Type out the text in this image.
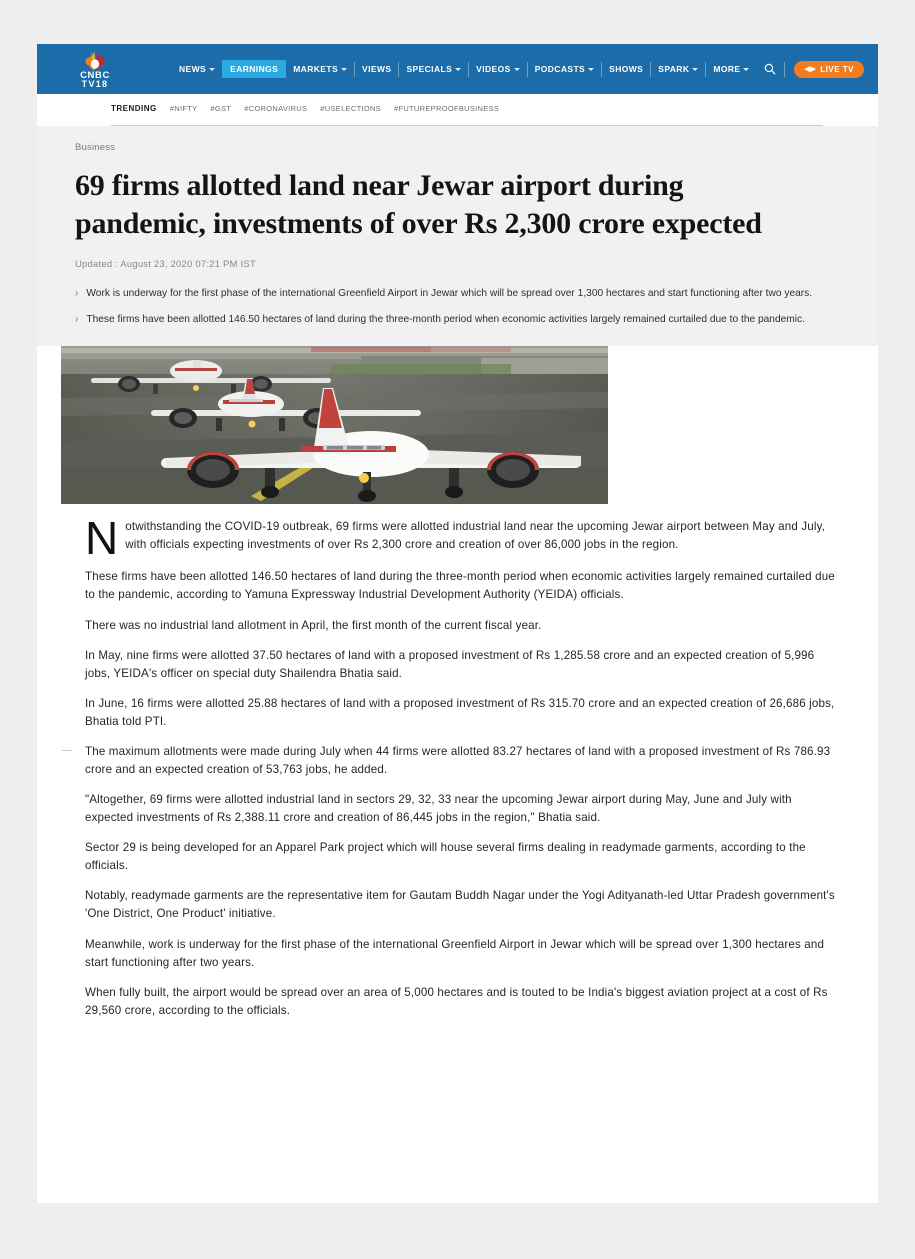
CNBC
TV18
NEWS	EARNINGS MARKETS	VIEWS SPECIALS	VIDEOS	PODCASTS	SHOWS SPARK	MORE	◀▶ LIVE TV
TRENDING #NIFTY #GST #CORONAVIRUS #USELECTIONS #FUTUREPROOFBUSINESS
Business
69 firms allotted land near Jewar airport during pandemic, investments of over Rs 2,300 crore expected
Updated : August 23, 2020 07:21 PM IST
› Work is underway for the first phase of the international Greenfield Airport in Jewar which will be spread over 1,300 hectares and start functioning after two years.
› These firms have been allotted 146.50 hectares of land during the three-month period when economic activities largely remained curtailed due to the pandemic.
N otwithstanding the COVID-19 outbreak, 69 firms were allotted industrial land near the upcoming Jewar airport between May and July, with officials expecting investments of over Rs 2,300 crore and creation of over 86,000 jobs in the region.

These firms have been allotted 146.50 hectares of land during the three-month period when economic activities largely remained curtailed due to the pandemic, according to Yamuna Expressway Industrial Development Authority (YEIDA) officials.

There was no industrial land allotment in April, the first month of the current fiscal year.

In May, nine firms were allotted 37.50 hectares of land with a proposed investment of Rs 1,285.58 crore and an expected creation of 5,996 jobs, YEIDA's officer on special duty Shailendra Bhatia said.

In June, 16 firms were allotted 25.88 hectares of land with a proposed investment of Rs 315.70 crore and an expected creation of 26,686 jobs, Bhatia told PTI.

The maximum allotments were made during July when 44 firms were allotted 83.27 hectares of land with a proposed investment of Rs 786.93 crore and an expected creation of 53,763 jobs, he added.

"Altogether, 69 firms were allotted industrial land in sectors 29, 32, 33 near the upcoming Jewar airport during May, June and July with expected investments of Rs 2,388.11 crore and creation of 86,445 jobs in the region," Bhatia said.

Sector 29 is being developed for an Apparel Park project which will house several firms dealing in readymade garments, according to the officials.

Notably, readymade garments are the representative item for Gautam Buddh Nagar under the Yogi Adityanath-led Uttar Pradesh government's 'One District, One Product' initiative.

Meanwhile, work is underway for the first phase of the international Greenfield Airport in Jewar which will be spread over 1,300 hectares and start functioning after two years.

When fully built, the airport would be spread over an area of 5,000 hectares and is touted to be India's biggest aviation project at a cost of Rs 29,560 crore, according to the officials.
